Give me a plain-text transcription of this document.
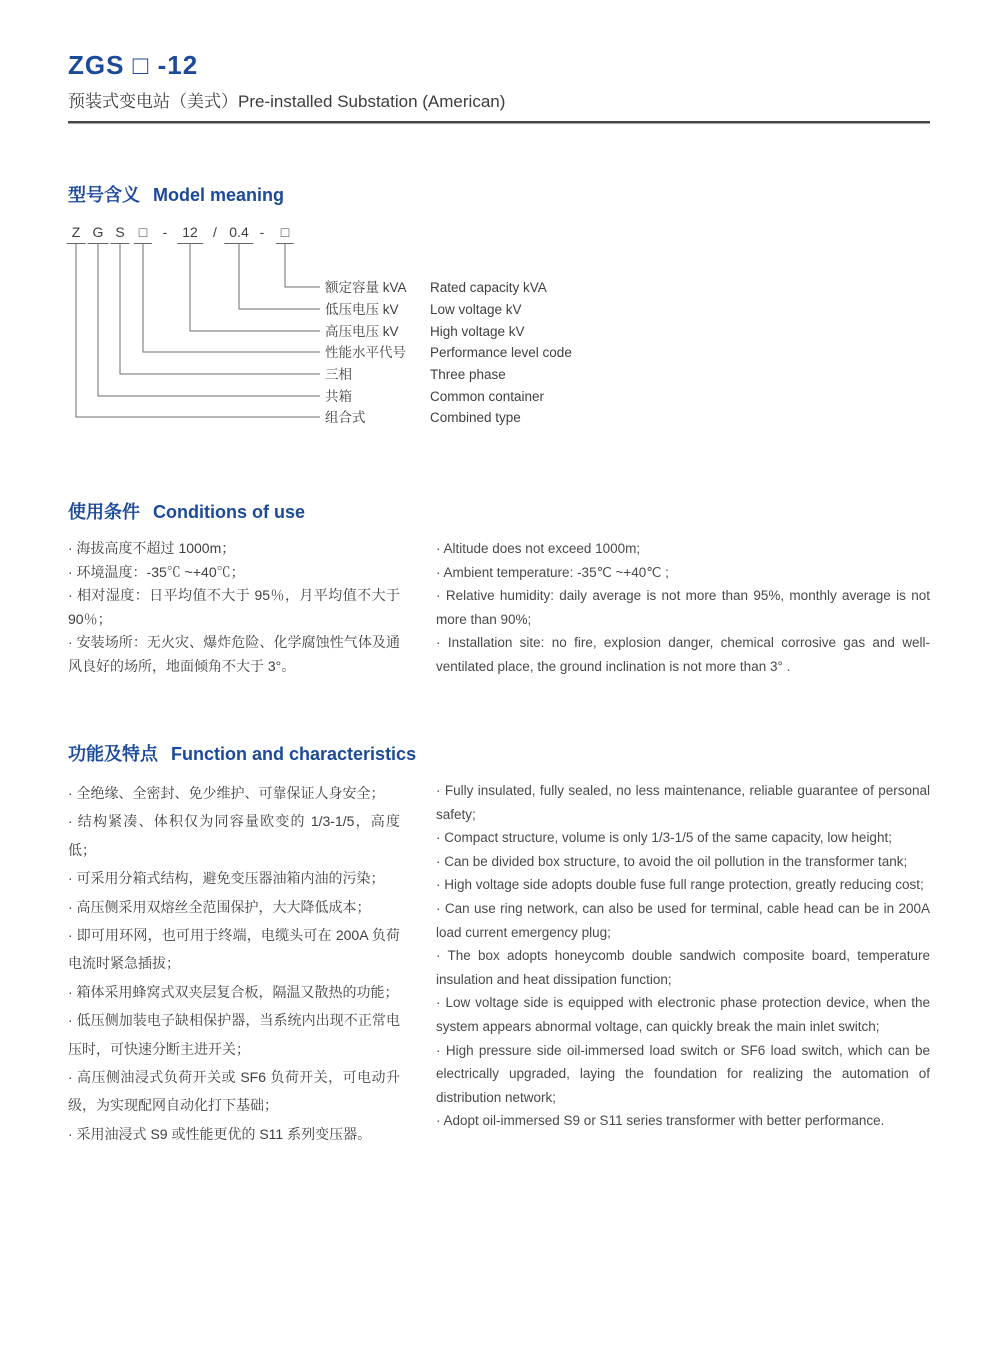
ZGS □ -12
预装式变电站（美式）Pre-installed Substation (American)
型号含义 Model meaning
Z G S	□	-	12	/ 0.4 -	□
额定容量 kVA Rated capacity kVA
低压电压 kV Low voltage kV
高压电压 kV High voltage kV
性能水平代号 Performance level code
三相	Three phase
共箱	Common container
组合式	Combined type
使用条件 Conditions of use

· 海拔高度不超过 1000m；

· 环境温度：-35℃ ~+40℃；

· 相对湿度：日平均值不大于 95％，月平均值不大于 90％；

· 安装场所：无火灾、爆炸危险、化学腐蚀性气体及通风良好的场所，地面倾角不大于 3°。

· Altitude does not exceed 1000m;

· Ambient temperature: -35℃ ~+40℃ ;

· Relative humidity: daily average is not more than 95%, monthly average is not more than 90%;

· Installation site: no fire, explosion danger, chemical corrosive gas and well-ventilated place, the ground inclination is not more than 3° .

功能及特点 Function and characteristics

· 全绝缘、全密封、免少维护、可靠保证人身安全；

· 结构紧凑、体积仅为同容量欧变的 1/3-1/5，高度低；

· 可采用分箱式结构，避免变压器油箱内油的污染；

· 高压侧采用双熔丝全范围保护，大大降低成本；

· 即可用环网，也可用于终端，电缆头可在 200A 负荷电流时紧急插拔；

· 箱体采用蜂窝式双夹层复合板，隔温又散热的功能；

· 低压侧加装电子缺相保护器，当系统内出现不正常电压时，可快速分断主进开关；

· 高压侧油浸式负荷开关或 SF6 负荷开关，可电动升级，为实现配网自动化打下基础；

· 采用油浸式 S9 或性能更优的 S11 系列变压器。

· Fully insulated, fully sealed, no less maintenance, reliable guarantee of personal safety;

· Compact structure, volume is only 1/3-1/5 of the same capacity, low height;

· Can be divided box structure, to avoid the oil pollution in the transformer tank;

· High voltage side adopts double fuse full range protection, greatly reducing cost;

· Can use ring network, can also be used for terminal, cable head can be in 200A load current emergency plug;

· The box adopts honeycomb double sandwich composite board, temperature insulation and heat dissipation function;

· Low voltage side is equipped with electronic phase protection device, when the system appears abnormal voltage, can quickly break the main inlet switch;

· High pressure side oil-immersed load switch or SF6 load switch, which can be electrically upgraded, laying the foundation for realizing the automation of distribution network;

· Adopt oil-immersed S9 or S11 series transformer with better performance.
